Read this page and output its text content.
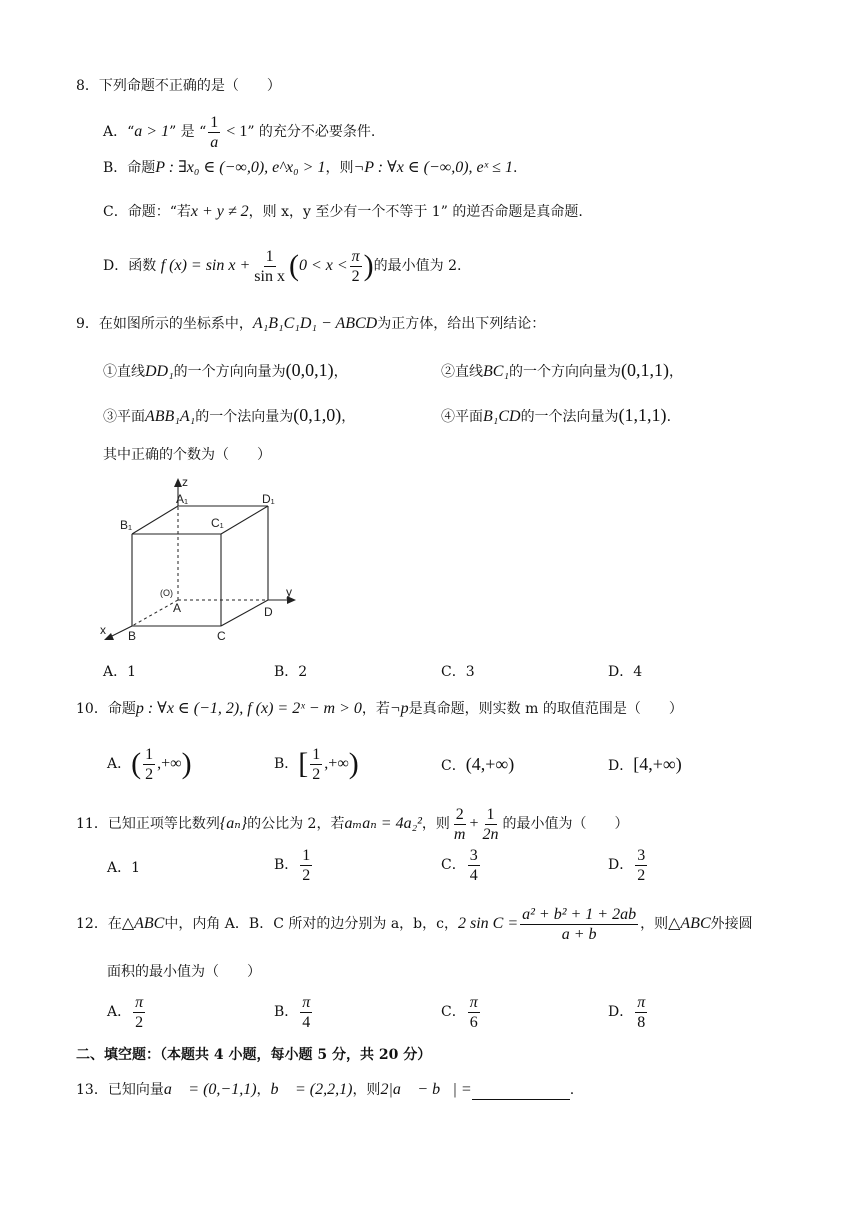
8．下列命题不正确的是（　　）
A．“a > 1” 是 “ $\frac{1}{a} < 1$” 的充分不必要条件.
B．命题P : ∃x₀ ∈ (−∞,0), e^x₀ > 1，则¬P : ∀x ∈ (−∞,0), eˣ ≤ 1.
C．命题：“若x + y ≠ 2，则 x，y 至少有一个不等于 1” 的逆否命题是真命题.
D．函数 f $(x) = \sin x + \frac{1}{\text{sin x}} (0 < x < \frac{\pi}{2}$ )的最小值为 2.
9．在如图所示的坐标系中，A₁B₁C₁D₁ − ABCD为正方体，给出下列结论：
①直线DD₁的一个方向向量为(0,0,1)，	②直线BC₁的一个方向向量为(0,1,1)，
③平面ABB₁A₁的一个法向量为(0,1,0)，	④平面B₁CD的一个法向量为(1,1,1).
其中正确的个数为（　　）
z
A₁	D₁
B₁	C₁
(O)
A
y
D
x B	C
A．1	B．2	C．3	D．4
10．命题p : ∀x ∈ (−1, 2), f (x) = 2ˣ − m > 0，若¬p是真命题，则实数 m 的取值范围是（　　）
A．( $\frac{1}{2}$ ,+∞)	B．[ $\frac{1}{2}$ ,+∞)	C．(4,+∞)	D．[4,+∞)
11．已知正项等比数列{aₙ}的公比为 2，若aₘaₙ = 4a₂²，则 $\frac{2}{m} + \frac{1}{2n}$ 的最小值为（　　）
A．1	B． $\frac{1}{2}$	C． $\frac{3}{4}$	D． $\frac{3}{2}$
12．在△ABC中，内角 A．B．C 所对的边分别为 a，b，c，2 $\sin C = \frac{\text{a² + b² + 1 + 2ab}}{a + b}$ ，则△ABC外接圆
面积的最小值为（　　）
A． $\frac{\pi}{2}$	B． $\frac{\pi}{4}$	C． $\frac{\pi}{6}$	D． $\frac{\pi}{8}$
二、填空题：（本题共 4 小题，每小题 5 分，共 20 分）
13．已知向量a⃗ = (0,−1,1)，b⃗ = (2,2,1)，则2|a⃗ − b⃗| =	.
